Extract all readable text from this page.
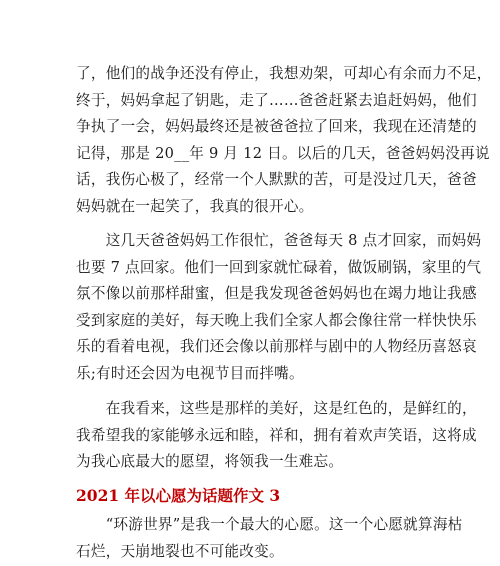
了，他们的战争还没有停止，我想劝架，可却心有余而力不足，
终于，妈妈拿起了钥匙，走了……爸爸赶紧去追赶妈妈，他们
争执了一会，妈妈最终还是被爸爸拉了回来，我现在还清楚的
记得，那是 20__年 9 月 12 日。以后的几天，爸爸妈妈没再说
话，我伤心极了，经常一个人默默的苦，可是没过几天，爸爸
妈妈就在一起笑了，我真的很开心。
　　这几天爸爸妈妈工作很忙，爸爸每天 8 点才回家，而妈妈
也要 7 点回家。他们一回到家就忙碌着，做饭刷锅，家里的气
氛不像以前那样甜蜜，但是我发现爸爸妈妈也在竭力地让我感
受到家庭的美好，每天晚上我们全家人都会像往常一样快快乐
乐的看着电视，我们还会像以前那样与剧中的人物经历喜怒哀
乐;有时还会因为电视节目而拌嘴。
　　在我看来，这些是那样的美好，这是红色的，是鲜红的，
我希望我的家能够永远和睦，祥和，拥有着欢声笑语，这将成
为我心底最大的愿望，将领我一生难忘。
2021 年以心愿为话题作文 3
　　“环游世界”是我一个最大的心愿。这一个心愿就算海枯
石烂，天崩地裂也不可能改变。
